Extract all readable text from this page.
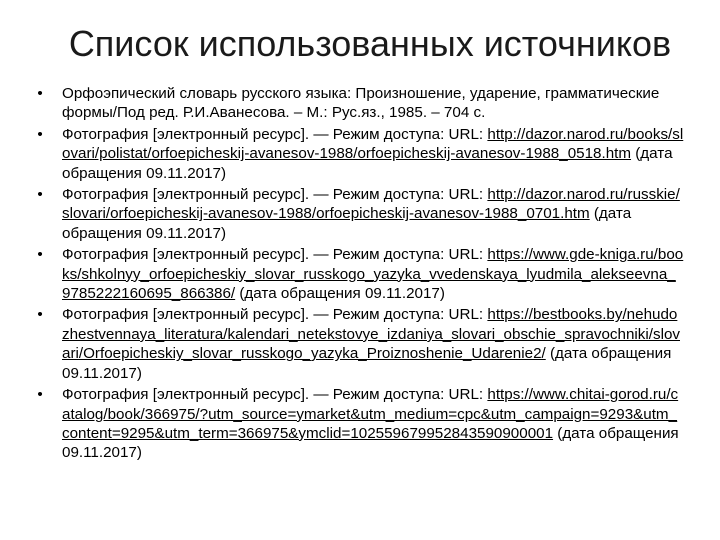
Список использованных источников
• Орфоэпический словарь русского языка: Произношение, ударение, грамматические формы/Под ред. Р.И.Аванесова. – М.: Рус.яз., 1985. – 704 с.
• Фотография [электронный ресурс]. — Режим доступа: URL: http://dazor.narod.ru/books/slovari/polistat/orfoepicheskij-avanesov-1988/orfoepicheskij-avanesov-1988_0518.htm (дата обращения 09.11.2017)
• Фотография [электронный ресурс]. — Режим доступа: URL: http://dazor.narod.ru/russkie/slovari/orfoepicheskij-avanesov-1988/orfoepicheskij-avanesov-1988_0701.htm (дата обращения 09.11.2017)
• Фотография [электронный ресурс]. — Режим доступа: URL: https://www.gde-kniga.ru/books/shkolnyy_orfoepicheskiy_slovar_russkogo_yazyka_vvedenskaya_lyudmila_alekseevna_9785222160695_866386/ (дата обращения 09.11.2017)
• Фотография [электронный ресурс]. — Режим доступа: URL: https://bestbooks.by/nehudozhestvennaya_literatura/kalendari_netekstovye_izdaniya_slovari_obschie_spravochniki/slovari/Orfoepicheskiy_slovar_russkogo_yazyka_Proiznoshenie_Udarenie2/ (дата обращения 09.11.2017)
• Фотография [электронный ресурс]. — Режим доступа: URL: https://www.chitai-gorod.ru/catalog/book/366975/?utm_source=ymarket&utm_medium=cpc&utm_campaign=9293&utm_content=9295&utm_term=366975&ymclid=102559679952843590900001 (дата обращения 09.11.2017)
